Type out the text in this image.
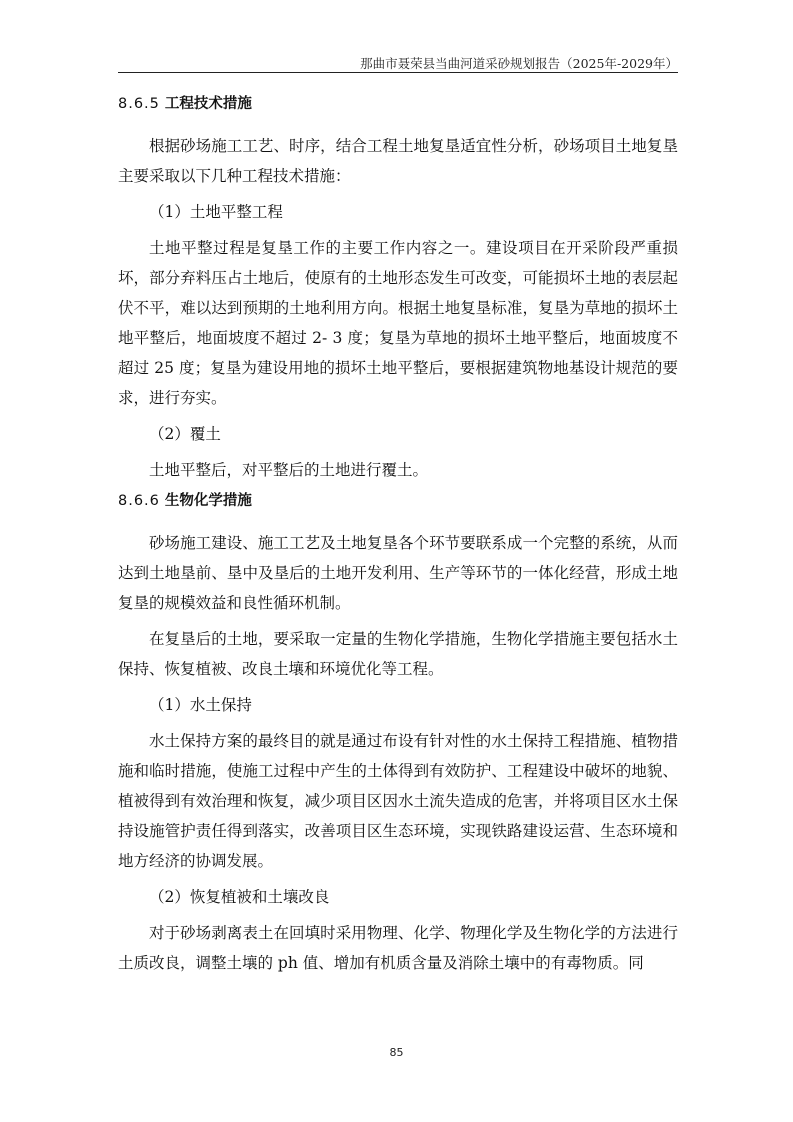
那曲市聂荣县当曲河道采砂规划报告（2025年-2029年）
8.6.5 工程技术措施

根据砂场施工工艺、时序，结合工程土地复垦适宜性分析，砂场项目土地复垦主要采取以下几种工程技术措施：

（1）土地平整工程

土地平整过程是复垦工作的主要工作内容之一。建设项目在开采阶段严重损坏，部分弃料压占土地后，使原有的土地形态发生可改变，可能损坏土地的表层起伏不平，难以达到预期的土地利用方向。根据土地复垦标准，复垦为草地的损坏土地平整后，地面坡度不超过 2- 3 度；复垦为草地的损坏土地平整后，地面坡度不超过 25 度；复垦为建设用地的损坏土地平整后，要根据建筑物地基设计规范的要求，进行夯实。

（2）覆土

土地平整后，对平整后的土地进行覆土。

8.6.6 生物化学措施

砂场施工建设、施工工艺及土地复垦各个环节要联系成一个完整的系统，从而达到土地垦前、垦中及垦后的土地开发利用、生产等环节的一体化经营，形成土地复垦的规模效益和良性循环机制。

在复垦后的土地，要采取一定量的生物化学措施，生物化学措施主要包括水土保持、恢复植被、改良土壤和环境优化等工程。

（1）水土保持

水土保持方案的最终目的就是通过布设有针对性的水土保持工程措施、植物措施和临时措施，使施工过程中产生的土体得到有效防护、工程建设中破坏的地貌、植被得到有效治理和恢复，减少项目区因水土流失造成的危害，并将项目区水土保持设施管护责任得到落实，改善项目区生态环境，实现铁路建设运营、生态环境和地方经济的协调发展。

（2）恢复植被和土壤改良

对于砂场剥离表土在回填时采用物理、化学、物理化学及生物化学的方法进行土质改良，调整土壤的 ph 值、增加有机质含量及消除土壤中的有毒物质。同

85
